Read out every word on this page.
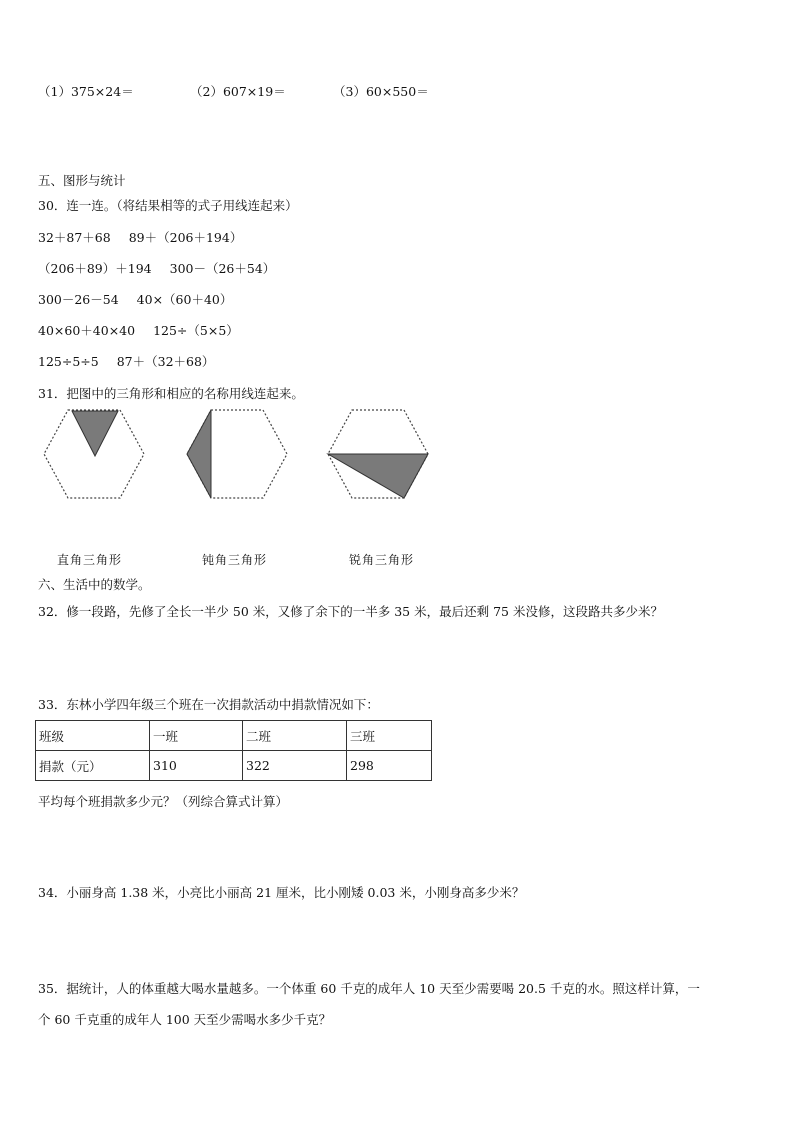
（1）375×24＝	（2）607×19＝	（3）60×550＝
五、图形与统计
30．连一连。（将结果相等的式子用线连起来）
32＋87＋68 89＋（206＋194）
（206＋89）＋194 300－（26＋54）
300－26－54 40×（60＋40）
40×60＋40×40 125÷（5×5）
125÷5÷5 87＋（32＋68）
31．把图中的三角形和相应的名称用线连起来。
直角三角形	钝角三角形	锐角三角形
六、生活中的数学。
32．修一段路，先修了全长一半少 50 米，又修了余下的一半多 35 米，最后还剩 75 米没修，这段路共多少米？
33．东林小学四年级三个班在一次捐款活动中捐款情况如下：
班级	一班	二班	三班
捐款（元）	310	322	298
平均每个班捐款多少元？（列综合算式计算）
34．小丽身高 1.38 米，小亮比小丽高 21 厘米，比小刚矮 0.03 米，小刚身高多少米？
35．据统计，人的体重越大喝水量越多。一个体重 60 千克的成年人 10 天至少需要喝 20.5 千克的水。照这样计算，一
个 60 千克重的成年人 100 天至少需喝水多少千克？
